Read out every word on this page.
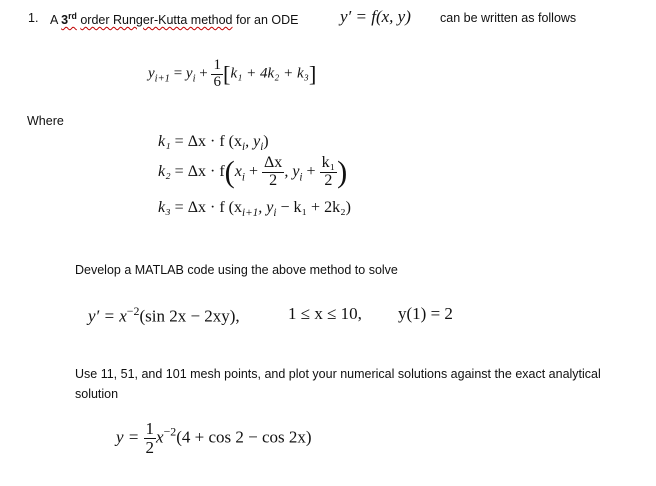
1. A 3rd order Runger-Kutta method for an ODE y′ = f(x, y) can be written as follows
$y_{i+1} = y_i + \frac{1}{6} [k_1 + 4k_2 + k_3]$
Where
k₁ = Δx · f ($x_i$, $y_i$)
$k_2 = \Delta x \cdot f(x_i + \frac{\Delta x}{2}$ , $y_i + \frac{\text{k₁}}{2}$ )
k₃ = Δx · f ($x_{i+1}$, $y_i - k_1 + 2k_2$)
Develop a MATLAB code using the above method to solve
$y' = x^{-2}(\sin$ 2x − 2xy),	1 ≤ x ≤ 10, y(1) = 2
Use 11, 51, and 101 mesh points, and plot your numerical solutions against the exact analytical
solution
$y = \frac{1}{2} x^{-2}(4 + \cos 2 - \cos 2x)$
